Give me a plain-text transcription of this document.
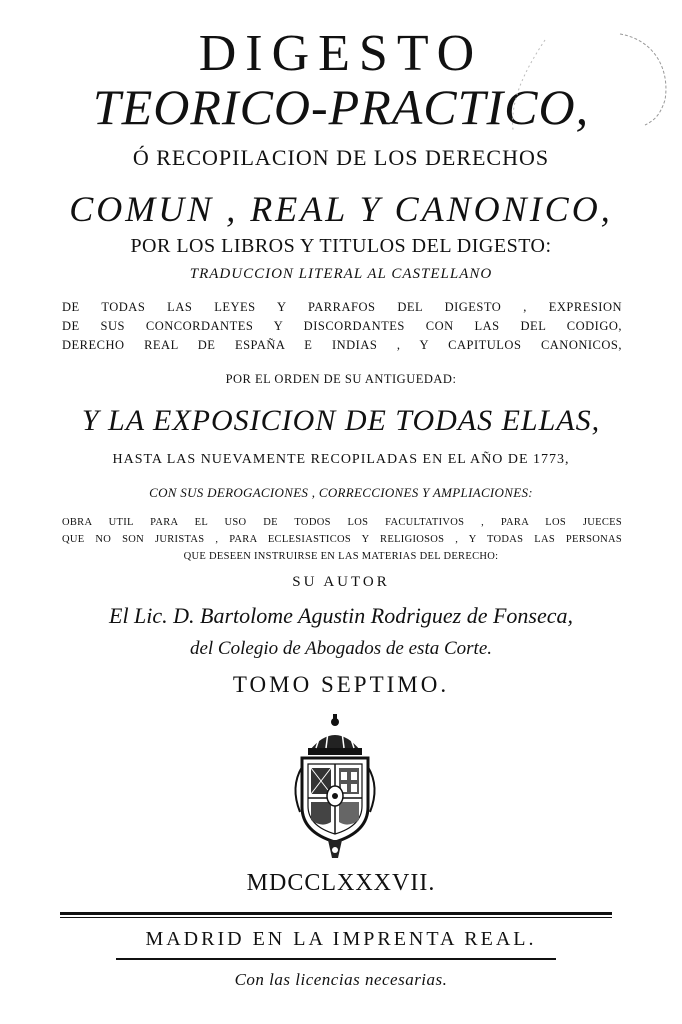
DIGESTO
TEORICO-PRACTICO,
Ó RECOPILACION DE LOS DERECHOS
COMUN , REAL Y CANONICO,
POR LOS LIBROS Y TITULOS DEL DIGESTO:
TRADUCCION LITERAL AL CASTELLANO
DE TODAS LAS LEYES Y PARRAFOS DEL DIGESTO , EXPRESION
DE SUS CONCORDANTES Y DISCORDANTES CON LAS DEL CODIGO,
DERECHO REAL DE ESPAÑA E INDIAS , Y CAPITULOS CANONICOS,
POR EL ORDEN DE SU ANTIGUEDAD:
Y LA EXPOSICION DE TODAS ELLAS,
HASTA LAS NUEVAMENTE RECOPILADAS EN EL AÑO DE 1773,
CON SUS DEROGACIONES , CORRECCIONES Y AMPLIACIONES:
OBRA UTIL PARA EL USO DE TODOS LOS FACULTATIVOS , PARA LOS JUECES
QUE NO SON JURISTAS , PARA ECLESIASTICOS Y RELIGIOSOS , Y TODAS LAS PERSONAS
QUE DESEEN INSTRUIRSE EN LAS MATERIAS DEL DERECHO:
SU AUTOR
El Lic. D. Bartolome Agustin Rodriguez de Fonseca,
del Colegio de Abogados de esta Corte.
TOMO SEPTIMO.
MDCCLXXXVII.
MADRID EN LA IMPRENTA REAL.
Con las licencias necesarias.
